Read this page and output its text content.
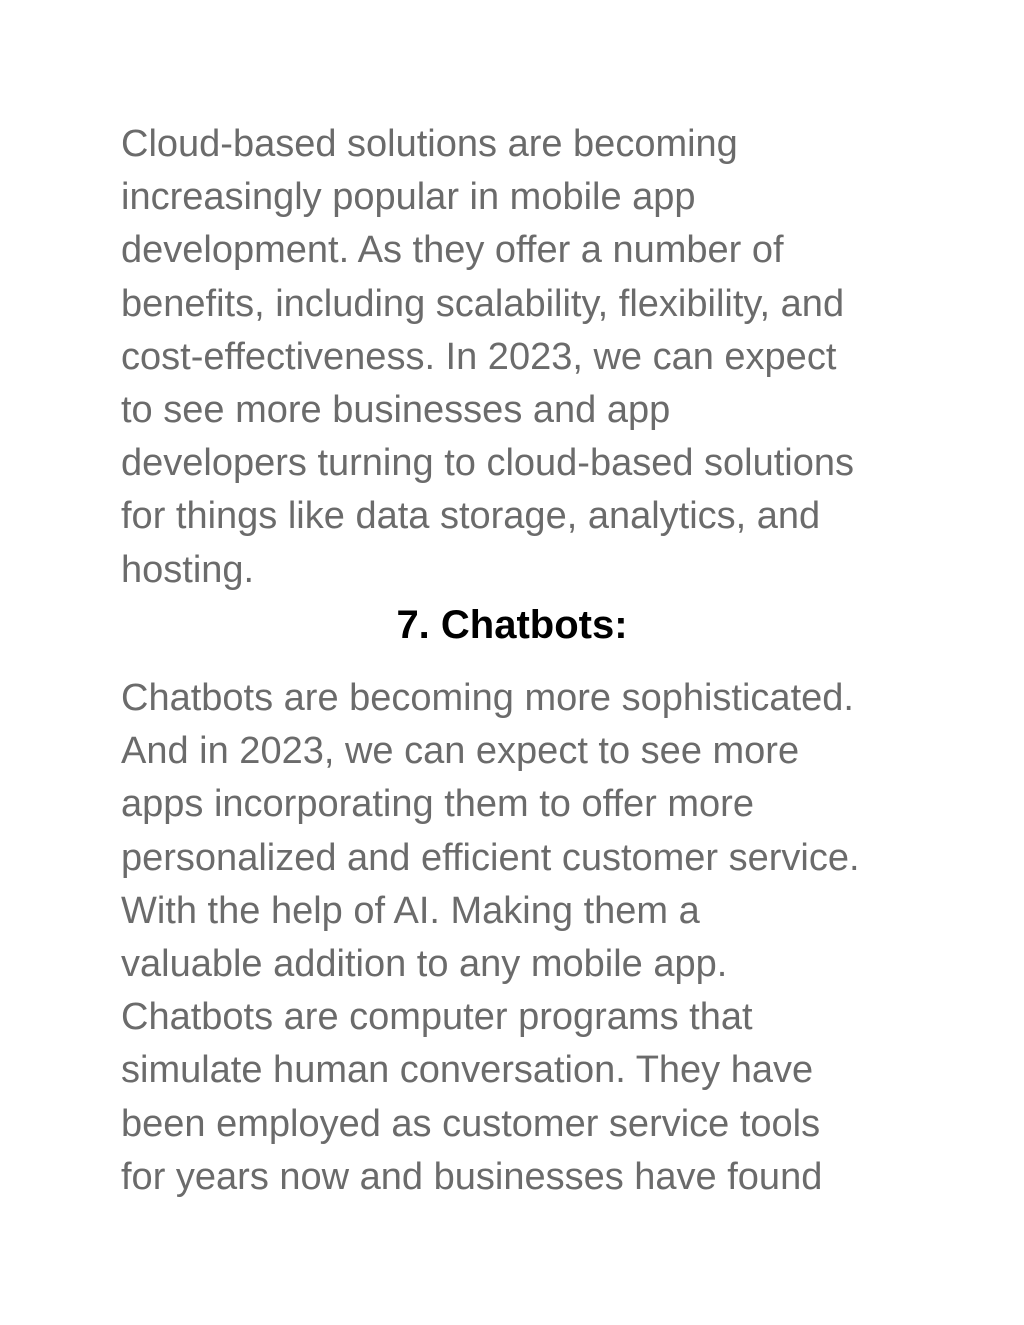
Cloud-based solutions are becoming
increasingly popular in mobile app
development. As they offer a number of
benefits, including scalability, flexibility, and
cost-effectiveness. In 2023, we can expect
to see more businesses and app
developers turning to cloud-based solutions
for things like data storage, analytics, and
hosting.

7. Chatbots:

Chatbots are becoming more sophisticated.
And in 2023, we can expect to see more
apps incorporating them to offer more
personalized and efficient customer service.
With the help of AI. Making them a
valuable addition to any mobile app.
Chatbots are computer programs that
simulate human conversation. They have
been employed as customer service tools
for years now and businesses have found
